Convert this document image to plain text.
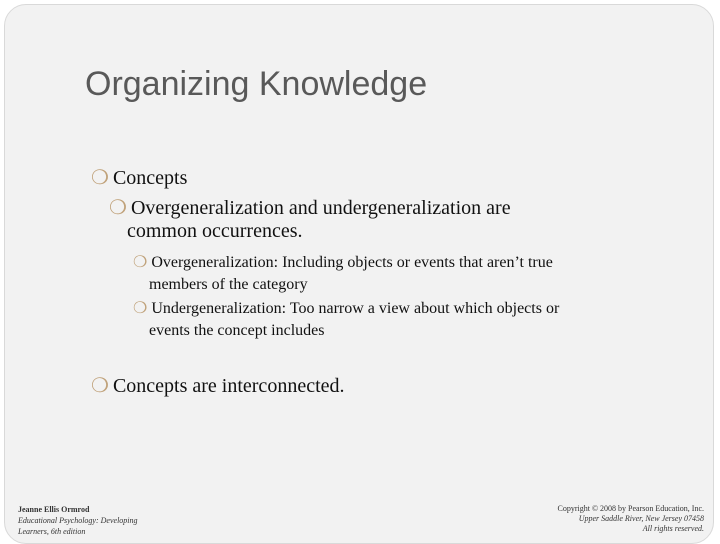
Organizing Knowledge
❍ Concepts
❍ Overgeneralization and undergeneralization are
common occurrences.
❍ Overgeneralization: Including objects or events that aren’t true
members of the category
❍ Undergeneralization: Too narrow a view about which objects or
events the concept includes
❍ Concepts are interconnected.
Jeanne Ellis Ormrod
Educational Psychology: Developing
Learners, 6th edition
Copyright © 2008 by Pearson Education, Inc.
Upper Saddle River, New Jersey 07458
All rights reserved.
